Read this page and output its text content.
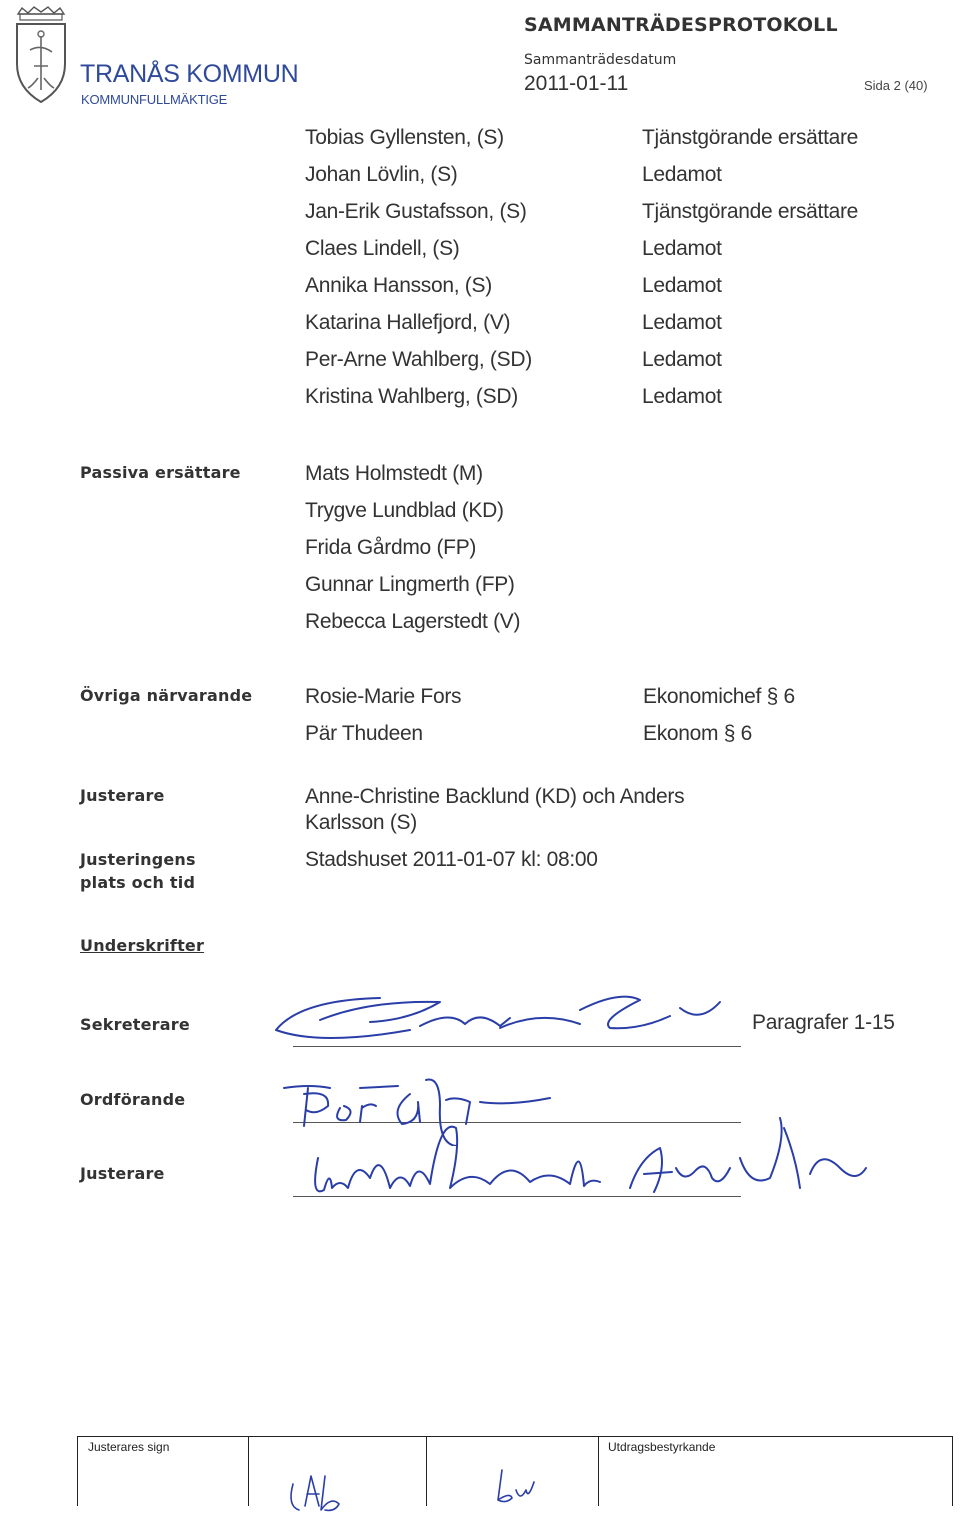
TRANÅS KOMMUN
KOMMUNFULLMÄKTIGE
SAMMANTRÄDESPROTOKOLL
Sammanträdesdatum
2011-01-11	Sida 2 (40)
Tobias Gyllensten, (S)	Tjänstgörande ersättare
Johan Lövlin, (S)	Ledamot
Jan-Erik Gustafsson, (S)	Tjänstgörande ersättare
Claes Lindell, (S)	Ledamot
Annika Hansson, (S)	Ledamot
Katarina Hallefjord, (V)	Ledamot
Per-Arne Wahlberg, (SD)	Ledamot
Kristina Wahlberg, (SD)	Ledamot
Passiva ersättare	Mats Holmstedt (M)
Trygve Lundblad (KD)
Frida Gårdmo (FP)
Gunnar Lingmerth (FP)
Rebecca Lagerstedt (V)
Övriga närvarande	Rosie-Marie Fors	Ekonomichef § 6
Pär Thudeen	Ekonom § 6
Justerare	Anne-Christine Backlund (KD) och Anders
Karlsson (S)
Justeringens
plats och tid
Stadshuset 2011-01-07 kl: 08:00
Underskrifter
Sekreterare	Paragrafer 1-15
Ordförande
Justerare
Justerares sign	Utdragsbestyrkande
